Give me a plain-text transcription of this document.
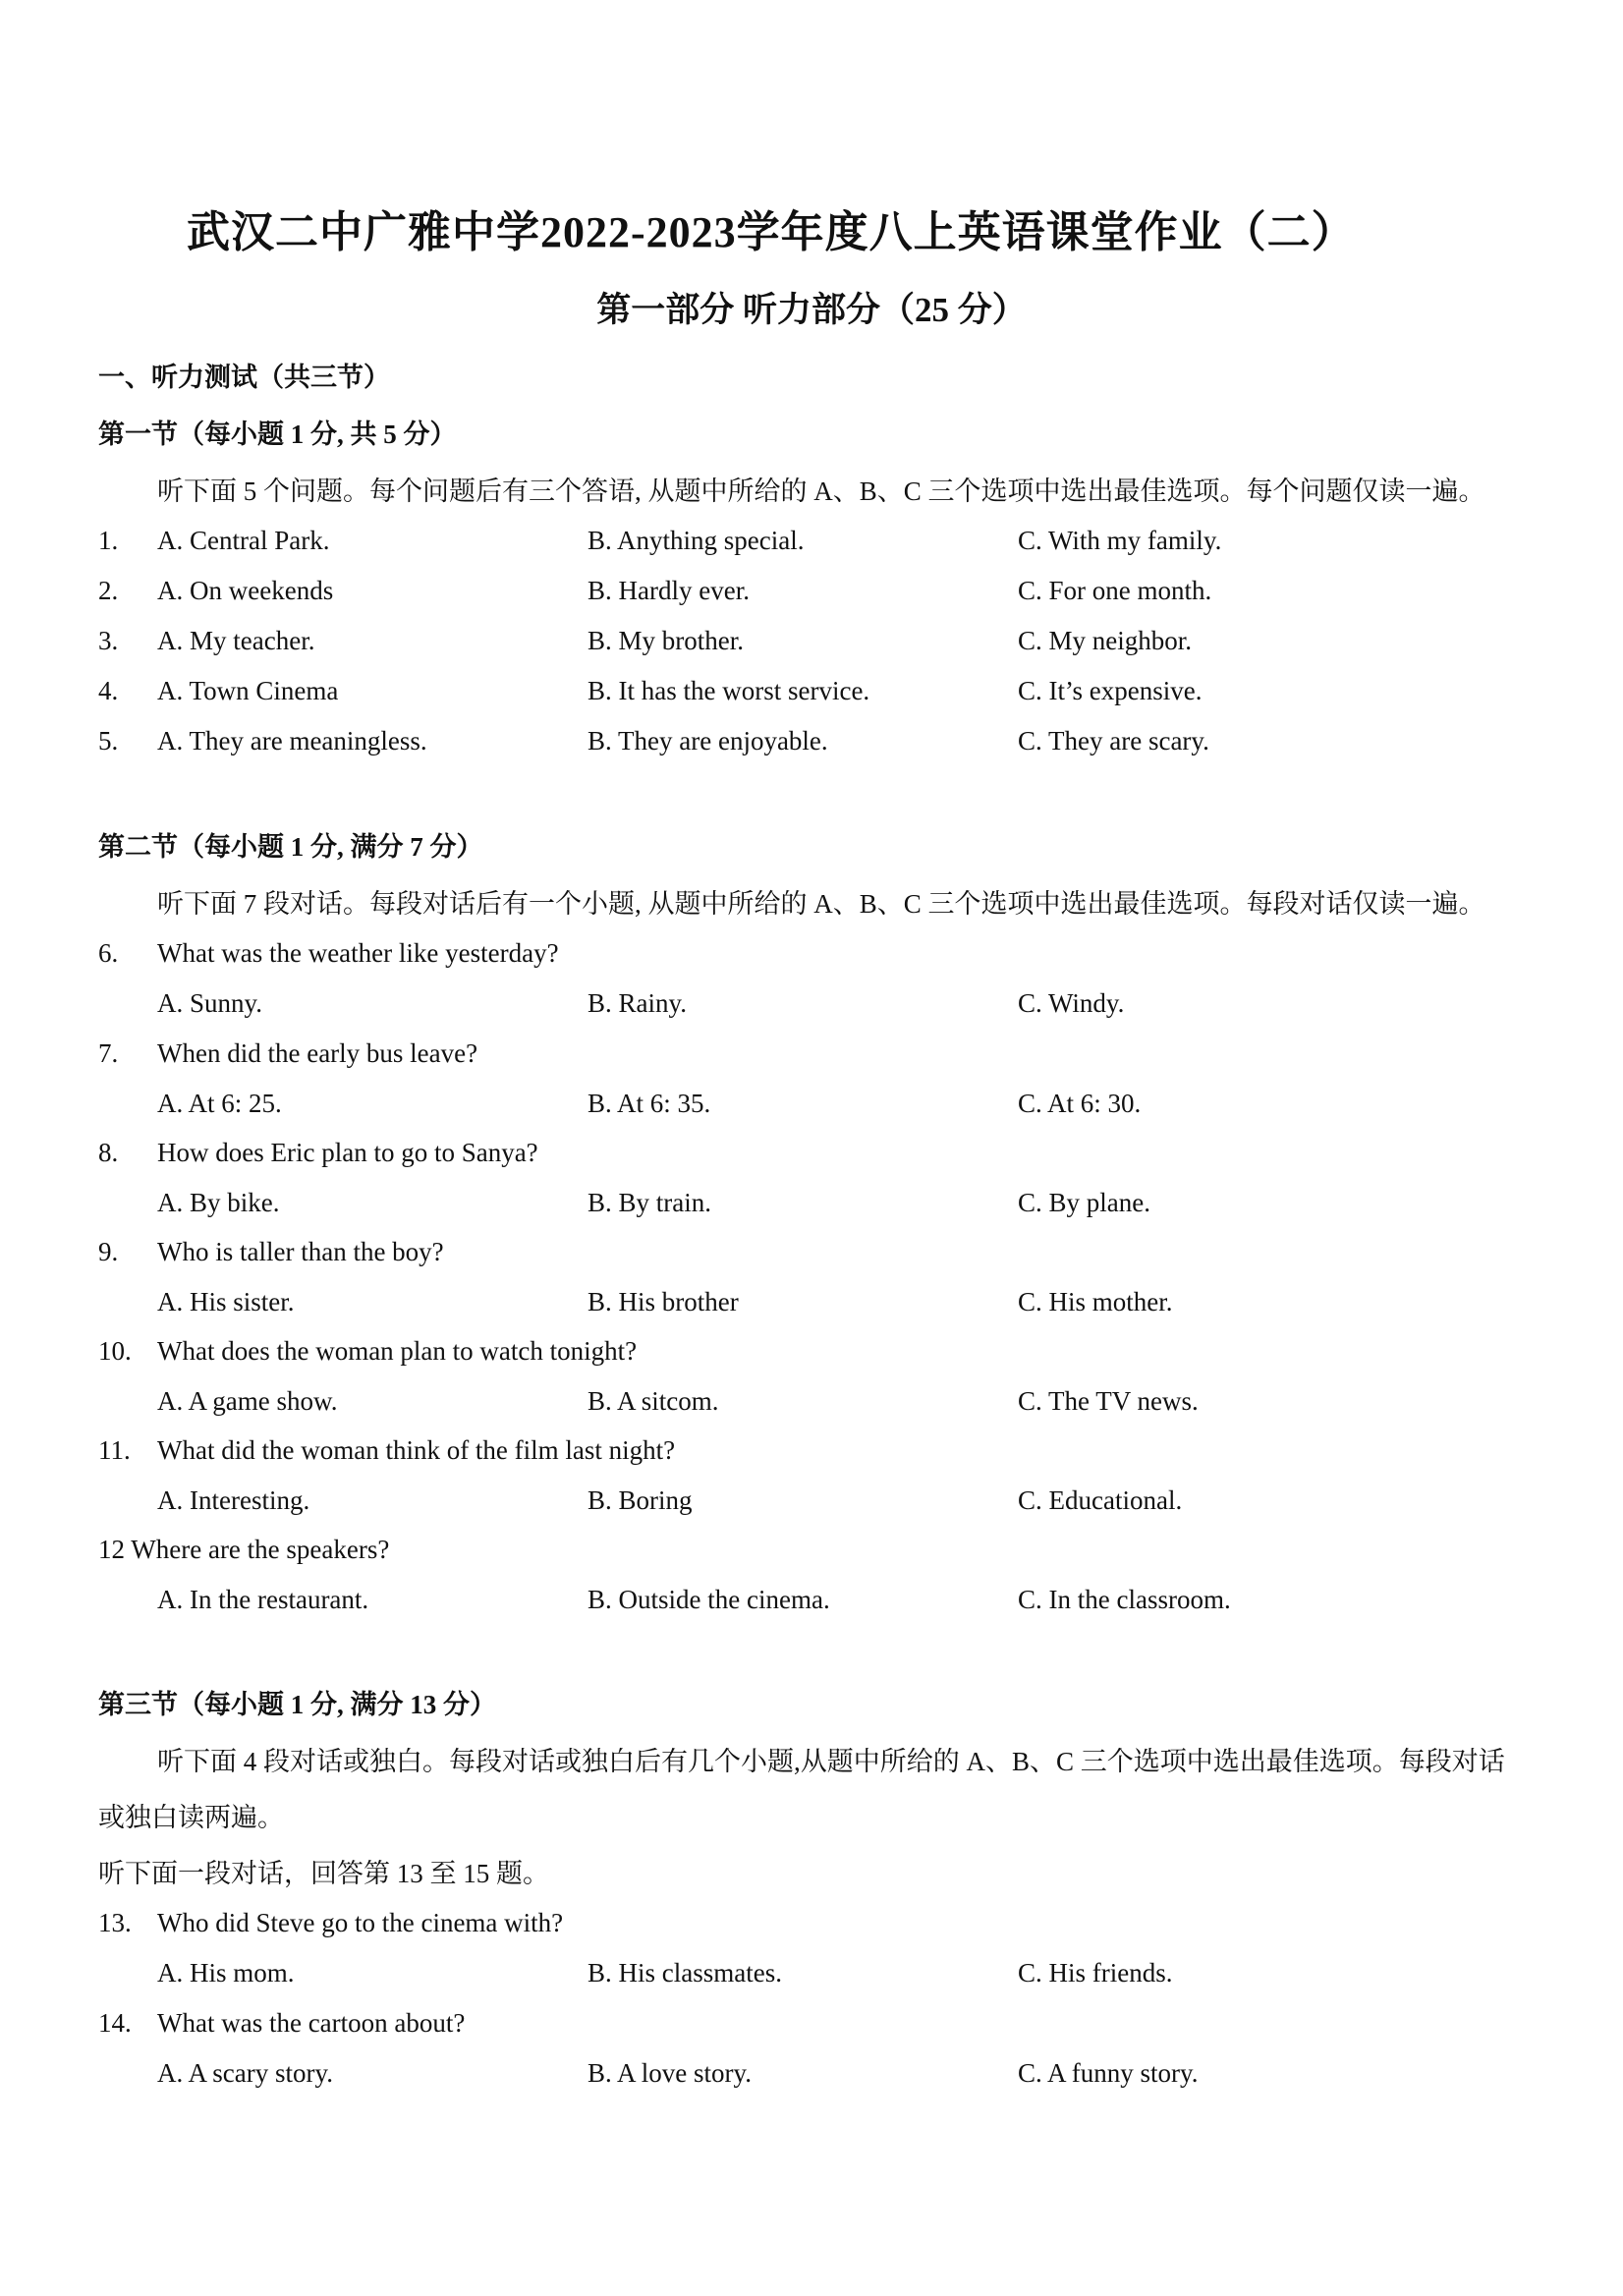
武汉二中广雅中学2022-2023学年度八上英语课堂作业（二）
第一部分 听力部分（25 分）
一、听力测试（共三节）
第一节（每小题 1 分, 共 5 分）
听下面 5 个问题。每个问题后有三个答语, 从题中所给的 A、B、C 三个选项中选出最佳选项。每个问题仅读一遍。
1. A. Central Park.	B. Anything special.	C. With my family.
2. A. On weekends	B. Hardly ever.	C. For one month.
3. A. My teacher.	B. My brother.	C. My neighbor.
4. A. Town Cinema	B. It has the worst service.	C. It’s expensive.
5. A. They are meaningless.	B. They are enjoyable.	C. They are scary.
第二节（每小题 1 分, 满分 7 分）
听下面 7 段对话。每段对话后有一个小题, 从题中所给的 A、B、C 三个选项中选出最佳选项。每段对话仅读一遍。
6. What was the weather like yesterday?
A. Sunny.	B. Rainy.	C. Windy.
7. When did the early bus leave?
A. At 6: 25.	B. At 6: 35.	C. At 6: 30.
8. How does Eric plan to go to Sanya?
A. By bike.	B. By train.	C. By plane.
9. Who is taller than the boy?
A. His sister.	B. His brother	C. His mother.
10. What does the woman plan to watch tonight?
A. A game show.	B. A sitcom.	C. The TV news.
11. What did the woman think of the film last night?
A. Interesting.	B. Boring	C. Educational.
12 Where are the speakers?
A. In the restaurant.	B. Outside the cinema.	C. In the classroom.
第三节（每小题 1 分, 满分 13 分）
听下面 4 段对话或独白。每段对话或独白后有几个小题,从题中所给的 A、B、C 三个选项中选出最佳选项。每段对话
或独白读两遍。
听下面一段对话，回答第 13 至 15 题。
13. Who did Steve go to the cinema with?
A. His mom.	B. His classmates.	C. His friends.
14. What was the cartoon about?
A. A scary story.	B. A love story.	C. A funny story.
